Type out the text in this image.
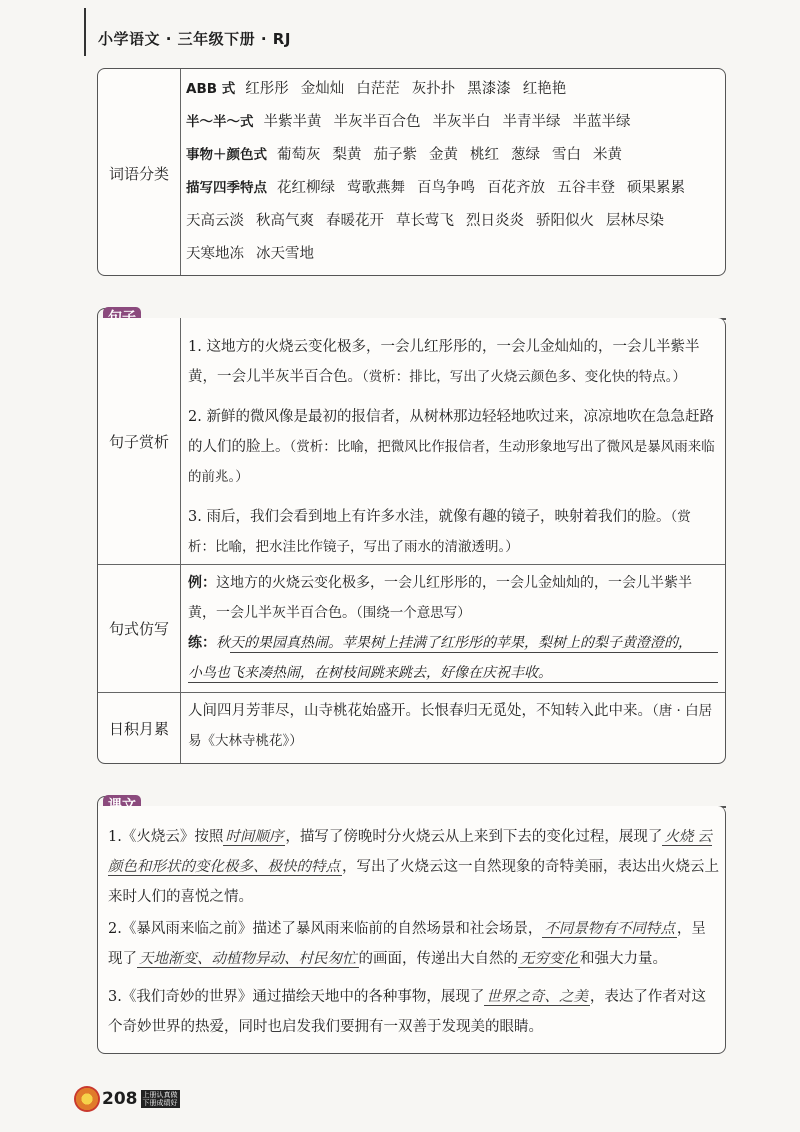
小学语文 · 三年级下册 · RJ
词语分类
ABB 式 红彤彤 金灿灿 白茫茫 灰扑扑 黑漆漆 红艳艳
半～半～式 半紫半黄 半灰半百合色 半灰半白 半青半绿 半蓝半绿
事物＋颜色式 葡萄灰 梨黄 茄子紫 金黄 桃红 葱绿 雪白 米黄
描写四季特点 花红柳绿 莺歌燕舞 百鸟争鸣 百花齐放 五谷丰登 硕果累累
天高云淡 秋高气爽 春暖花开 草长莺飞 烈日炎炎 骄阳似火 层林尽染
天寒地冻 冰天雪地
句子赏析
1. 这地方的火烧云变化极多，一会儿红彤彤的，一会儿金灿灿的，一会儿半紫半黄，一会儿半灰半百合色。（赏析：排比，写出了火烧云颜色多、变化快的特点。）
2. 新鲜的微风像是最初的报信者，从树林那边轻轻地吹过来，凉凉地吹在急急赶路的人们的脸上。（赏析：比喻，把微风比作报信者，生动形象地写出了微风是暴风雨来临的前兆。）
3. 雨后，我们会看到地上有许多水洼，就像有趣的镜子，映射着我们的脸。（赏析：比喻，把水洼比作镜子，写出了雨水的清澈透明。）
句式仿写
例：这地方的火烧云变化极多，一会儿红彤彤的，一会儿金灿灿的，一会儿半紫半黄，一会儿半灰半百合色。（围绕一个意思写）
练：秋天的果园真热闹。苹果树上挂满了红彤彤的苹果，梨树上的梨子黄澄澄的，
小鸟也飞来凑热闹，在树枝间跳来跳去，好像在庆祝丰收。
日积月累
人间四月芳菲尽，山寺桃花始盛开。长恨春归无觅处，不知转入此中来。（唐 · 白居易《大林寺桃花》）
1.《火烧云》按照 时间顺序 ，描写了傍晚时分火烧云从上来到下去的变化过程，展现了 火烧 云颜色和形状的变化极多、极快的特点 ，写出了火烧云这一自然现象的奇特美丽，表达出火烧云上来时人们的喜悦之情。
2.《暴风雨来临之前》描述了暴风雨来临前的自然场景和社会场景， 不同景物有不同特点 ，呈现了 天地渐变、动植物异动、村民匆忙 的画面，传递出大自然的 无穷变化 和强大力量。
3.《我们奇妙的世界》通过描绘天地中的各种事物，展现了 世界之奇、之美 ，表达了作者对这个奇妙世界的热爱，同时也启发我们要拥有一双善于发现美的眼睛。
208 上册认真做
下册成绩好
